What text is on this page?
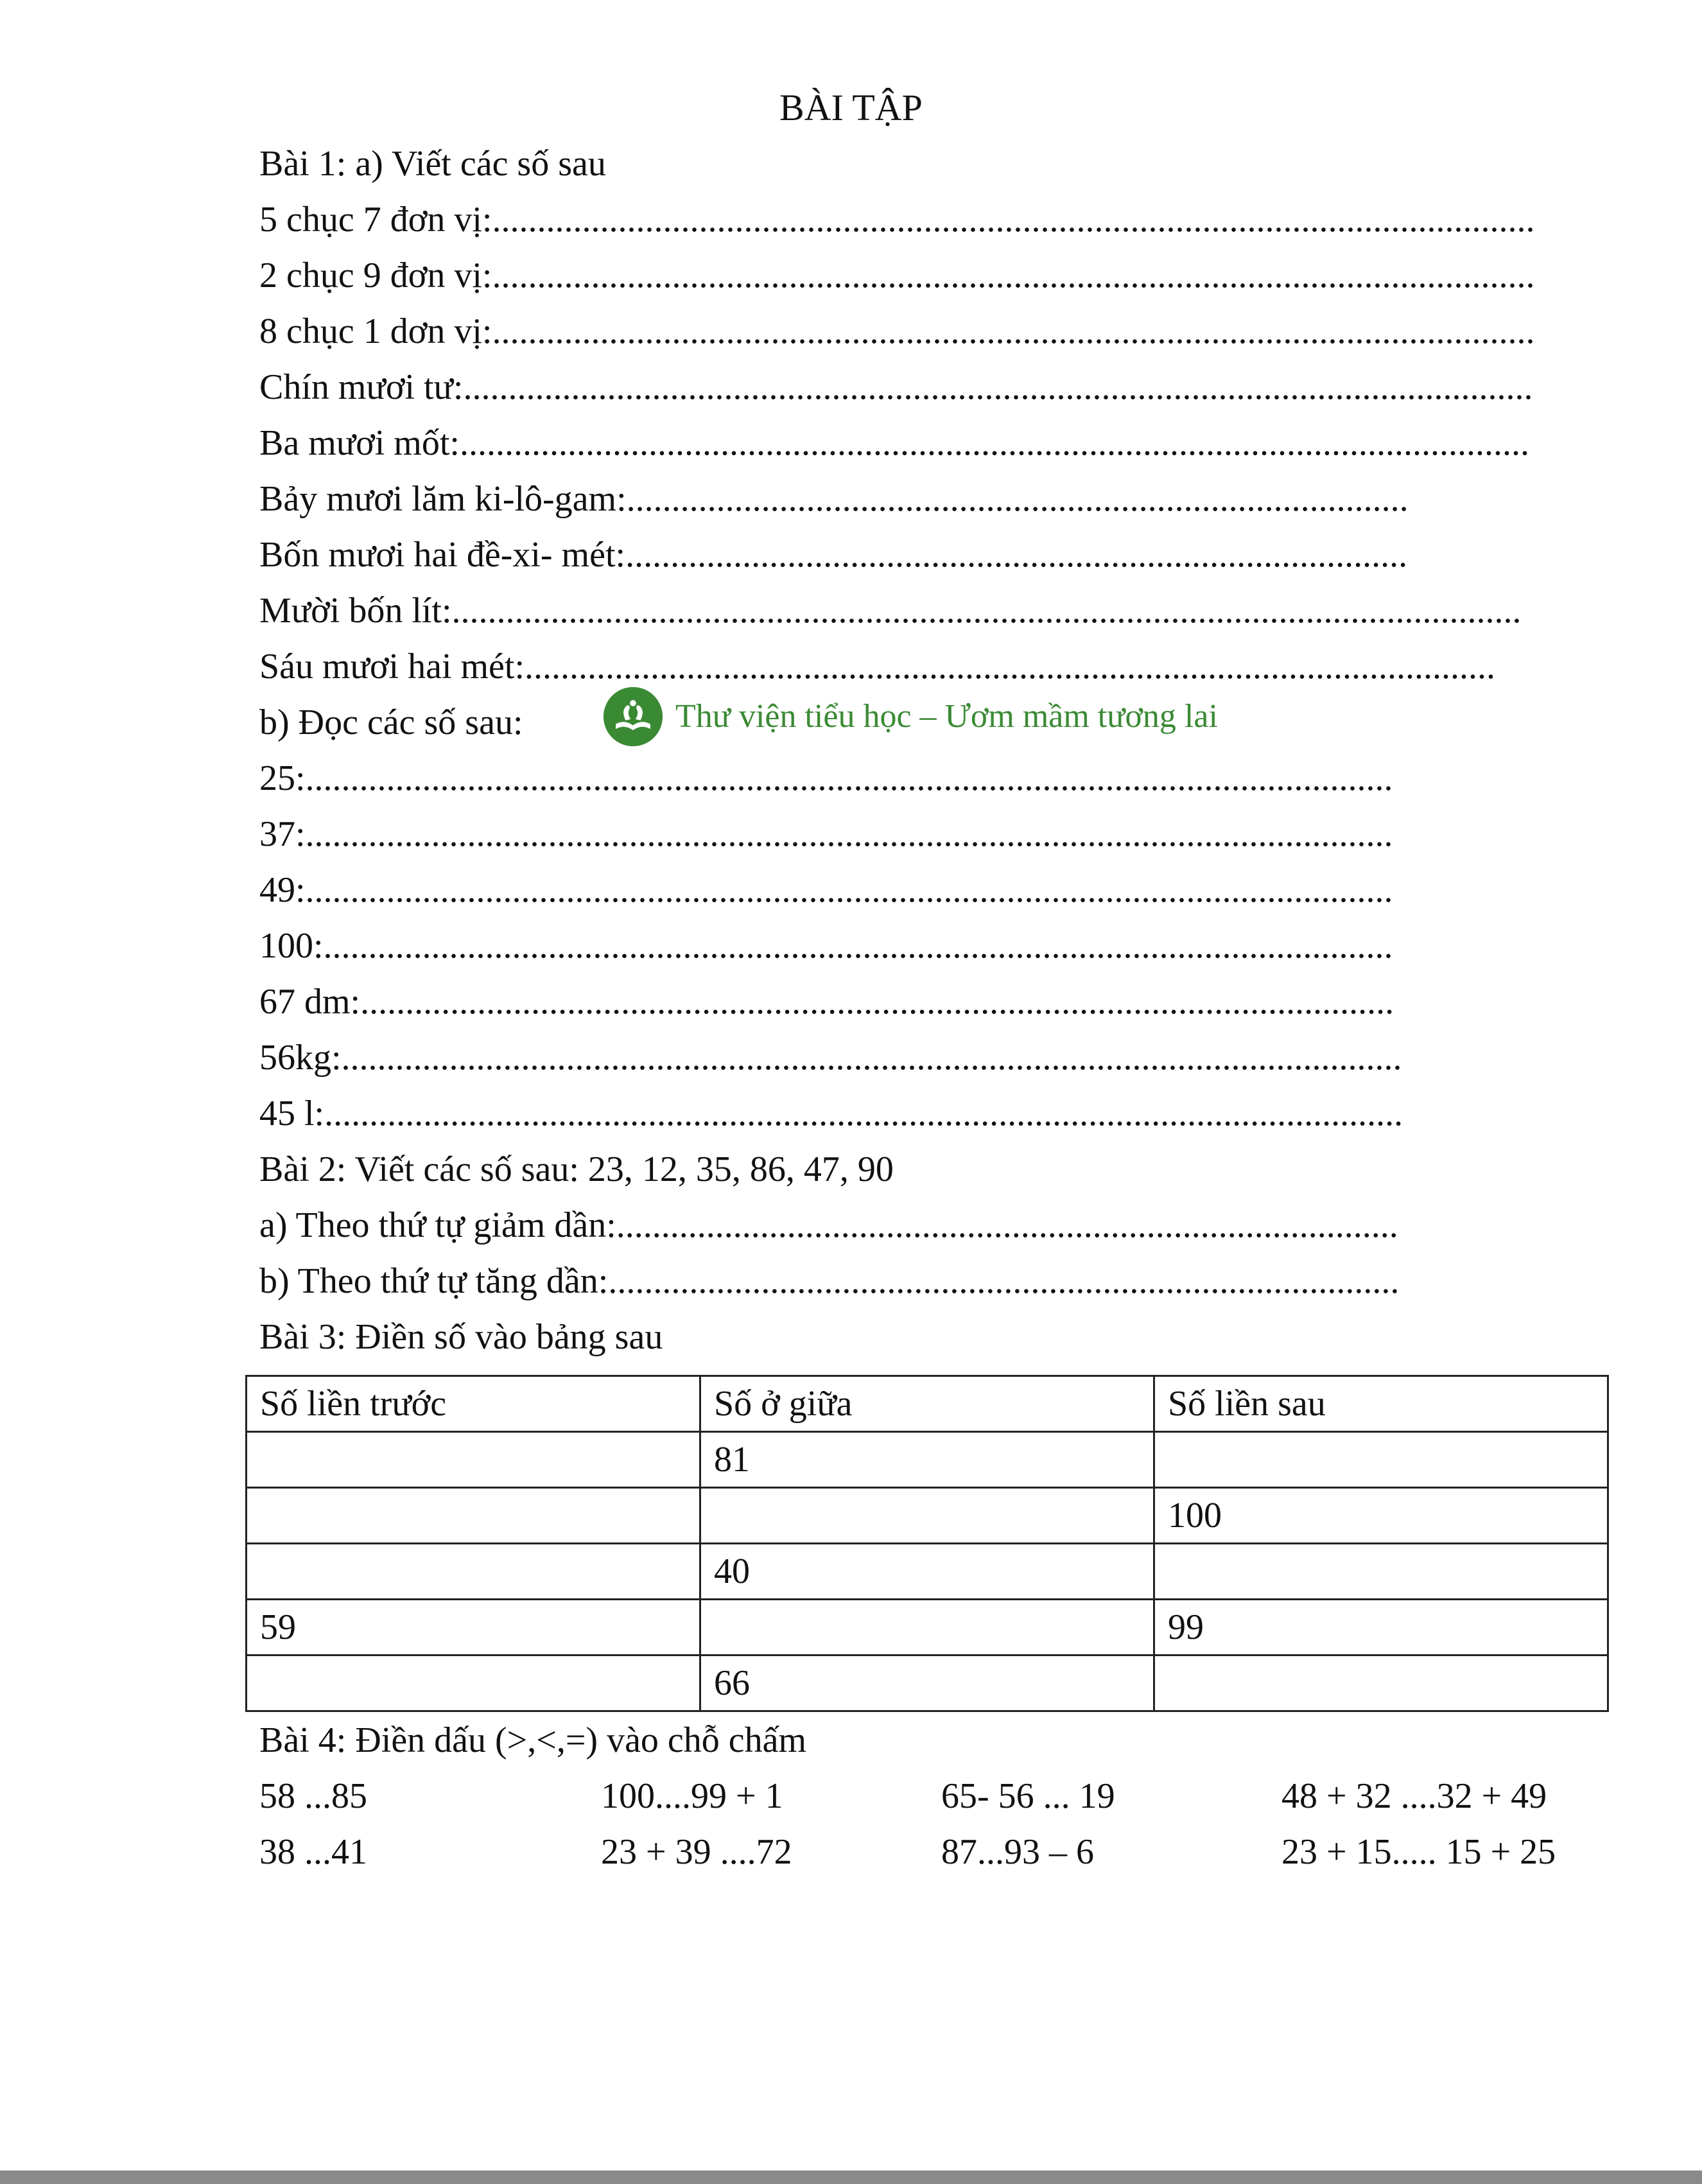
BÀI TẬP
Bài 1: a) Viết các số sau
5 chục 7 đơn vị:....................................................................................................................
2 chục 9 đơn vị:....................................................................................................................
8 chục 1 dơn vị:....................................................................................................................
Chín mươi tư:.......................................................................................................................
Ba mươi mốt:.......................................................................................................................
Bảy mươi lăm ki-lô-gam:.......................................................................................
Bốn mươi hai đề-xi- mét:.......................................................................................
Mười bốn lít:.......................................................................................................................
Sáu mươi hai mét:............................................................................................................
b) Đọc các số sau:	Thư viện tiểu học – Ươm mầm tương lai
25:.........................................................................................................................
37:.........................................................................................................................
49:.........................................................................................................................
100:.......................................................................................................................
67 dm:...................................................................................................................
56kg:......................................................................................................................
45 l:........................................................................................................................
Bài 2: Viết các số sau: 23, 12, 35, 86, 47, 90
a) Theo thứ tự giảm dần:.......................................................................................
b) Theo thứ tự tăng dần:........................................................................................
Bài 3: Điền số vào bảng sau
Số liền trước	Số ở giữa	Số liền sau
	81	
		100
	40	
59		99
	66	
Bài 4: Điền dấu (>,<,=) vào chỗ chấm
58 ...85	100....99 + 1	65- 56 ... 19	48 + 32 ....32 + 49
38 ...41	23 + 39 ....72	87...93 – 6	23 + 15..... 15 + 25
